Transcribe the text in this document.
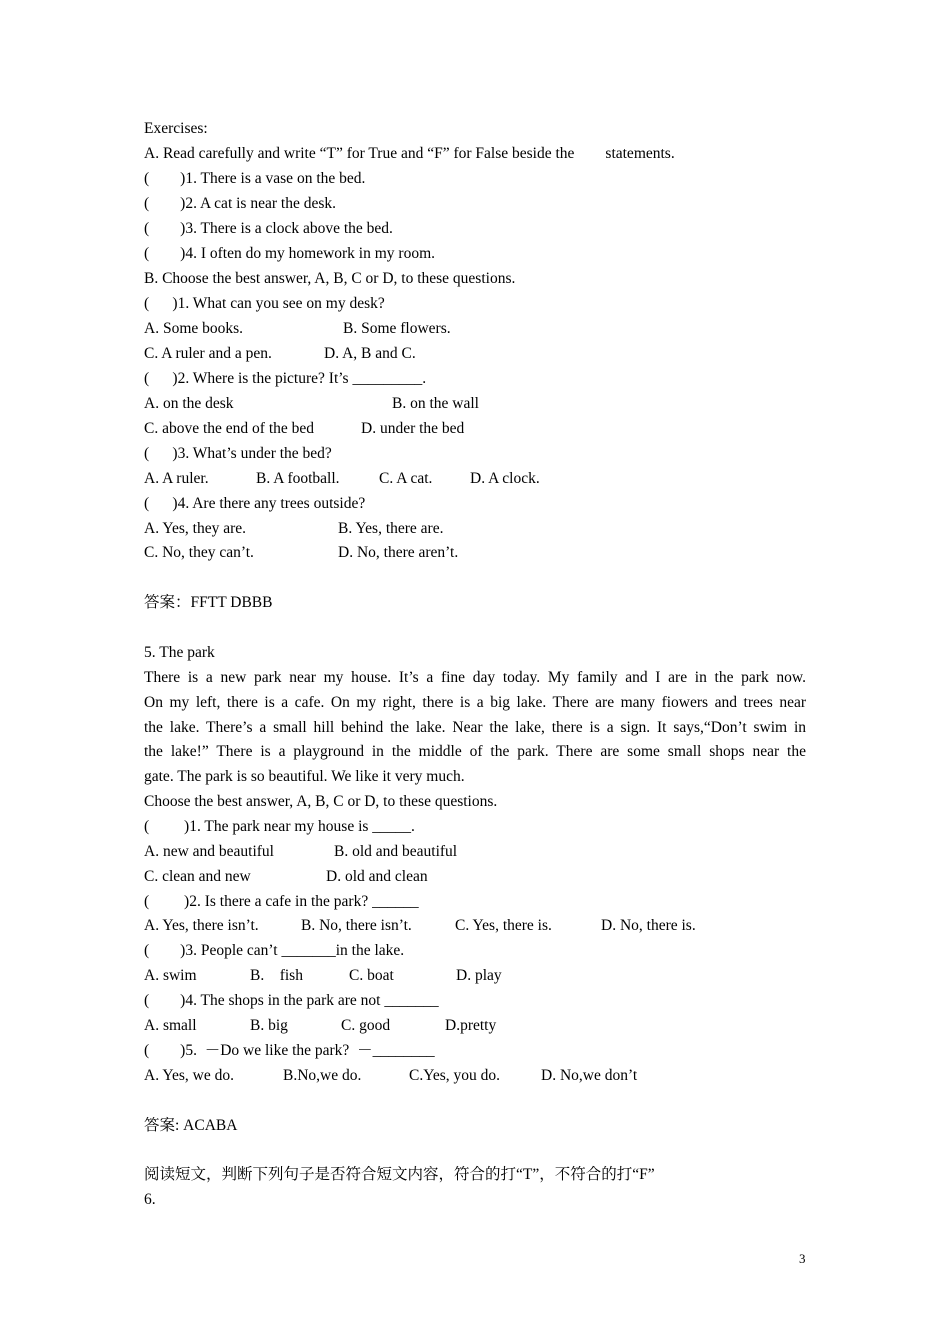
Exercises:
A. Read carefully and write “T” for True and “F” for False beside the        statements.
(        )1. There is a vase on the bed.
(        )2. A cat is near the desk.
(        )3. There is a clock above the bed.
(        )4. I often do my homework in my room.
B. Choose the best answer, A, B, C or D, to these questions.
(      )1. What can you see on my desk?
A. Some books.	B. Some flowers.
C. A ruler and a pen.	D. A, B and C.
(      )2. Where is the picture? It’s _________.
A. on the desk	B. on the wall
C. above the end of the bed	D. under the bed
(      )3. What’s under the bed?
A. A ruler.	B. A football.	C. A cat. D. A clock.
(      )4. Are there any trees outside?
A. Yes, they are.	B. Yes, there are.
C. No, they can’t.	D. No, there aren’t.
答案：FFTT DBBB
5. The park
There is a new park near my house. It’s a fine day today. My family and I are in the park now.
On my left, there is a cafe. On my right, there is a big lake. There are many fiowers and trees near
the lake. There’s a small hill behind the lake. Near the lake, there is a sign. It says,“Don’t swim in
the lake!” There is a playground in the middle of the park. There are some small shops near the
gate. The park is so beautiful. We like it very much.
Choose the best answer, A, B, C or D, to these questions.
(         )1. The park near my house is _____.
A. new and beautiful	B. old and beautiful
C. clean and new	D. old and clean
(         )2. Is there a cafe in the park? ______
A. Yes, there isn’t.	B. No, there isn’t.	C. Yes, there is.	D. No, there is.
(        )3. People can’t _______in the lake.
A. swim	B.    fish	C. boat	D. play
(        )4. The shops in the park are not _______
A. small	B. big	C. good	D.pretty
(        )5.  －Do we like the park?  －________
A. Yes, we do.	B.No,we do.	C.Yes, you do.	D. No,we don’t
答案: ACABA
阅读短文，判断下列句子是否符合短文内容，符合的打“T”，不符合的打“F”
6.
3
